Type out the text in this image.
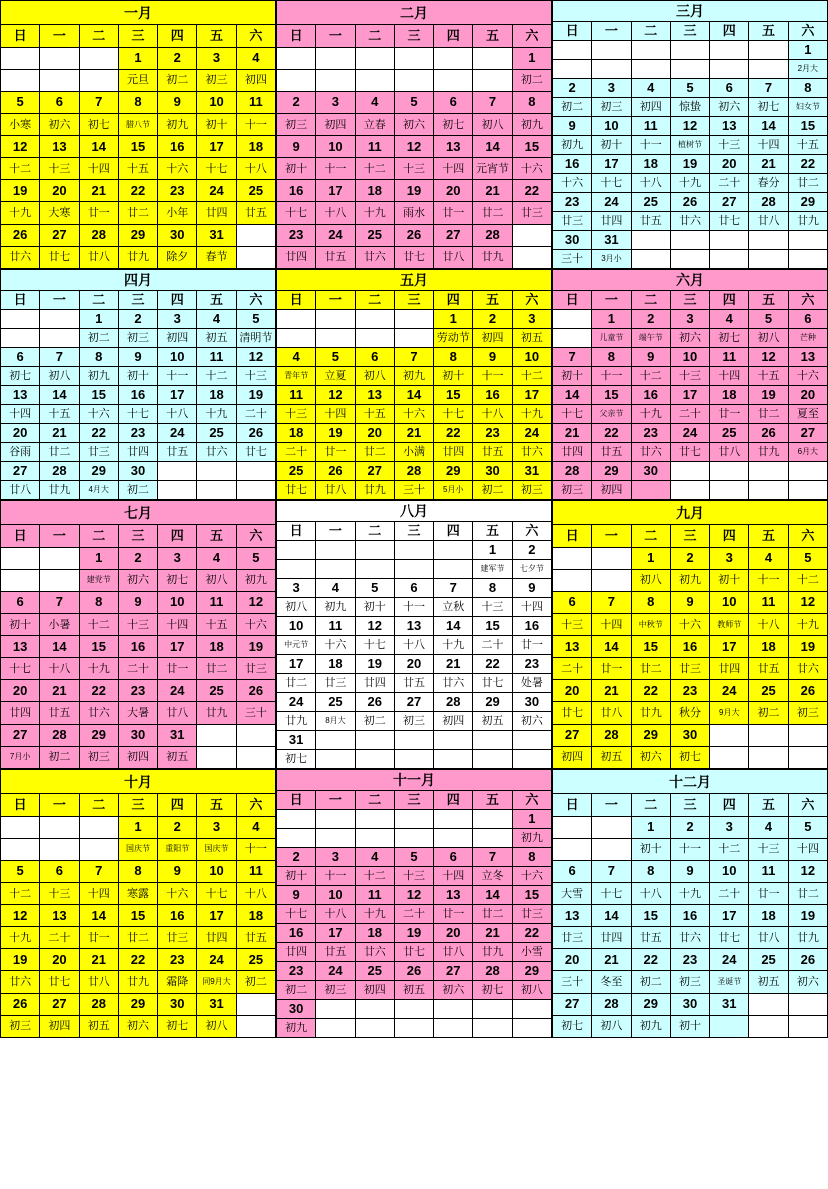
一月						
日	一	二	三	四	五	六
			1	2	3	4
			元旦	初二	初三	初四
5	6	7	8	9	10	11
小寒	初六	初七	腊八节	初九	初十	十一
12	13	14	15	16	17	18
十二	十三	十四	十五	十六	十七	十八
19	20	21	22	23	24	25
十九	大寒	廿一	廿二	小年	廿四	廿五
26	27	28	29	30	31	
廿六	廿七	廿八	廿九	除夕	春节	
二月						
日	一	二	三	四	五	六
						1
						初二
2	3	4	5	6	7	8
初三	初四	立春	初六	初七	初八	初九
9	10	11	12	13	14	15
初十	十一	十二	十三	十四	元宵节	十六
16	17	18	19	20	21	22
十七	十八	十九	雨水	廿一	廿二	廿三
23	24	25	26	27	28	
廿四	廿五	廿六	廿七	廿八	廿九	
三月						
日	一	二	三	四	五	六
						1
						2月大
2	3	4	5	6	7	8
初二	初三	初四	惊蛰	初六	初七	妇女节
9	10	11	12	13	14	15
初九	初十	十一	植树节	十三	十四	十五
16	17	18	19	20	21	22
十六	十七	十八	十九	二十	春分	廿二
23	24	25	26	27	28	29
廿三	廿四	廿五	廿六	廿七	廿八	廿九
30	31					
三十	3月小					
四月						
日	一	二	三	四	五	六
		1	2	3	4	5
		初二	初三	初四	初五	清明节
6	7	8	9	10	11	12
初七	初八	初九	初十	十一	十二	十三
13	14	15	16	17	18	19
十四	十五	十六	十七	十八	十九	二十
20	21	22	23	24	25	26
谷雨	廿二	廿三	廿四	廿五	廿六	廿七
27	28	29	30			
廿八	廿九	4月大	初二			
五月						
日	一	二	三	四	五	六
				1	2	3
				劳动节	初四	初五
4	5	6	7	8	9	10
青年节	立夏	初八	初九	初十	十一	十二
11	12	13	14	15	16	17
十三	十四	十五	十六	十七	十八	十九
18	19	20	21	22	23	24
二十	廿一	廿二	小满	廿四	廿五	廿六
25	26	27	28	29	30	31
廿七	廿八	廿九	三十	5月小	初二	初三
六月						
日	一	二	三	四	五	六
	1	2	3	4	5	6
	儿童节	端午节	初六	初七	初八	芒种
7	8	9	10	11	12	13
初十	十一	十二	十三	十四	十五	十六
14	15	16	17	18	19	20
十七	父亲节	十九	二十	廿一	廿二	夏至
21	22	23	24	25	26	27
廿四	廿五	廿六	廿七	廿八	廿九	6月大
28	29	30				
初三	初四					
七月						
日	一	二	三	四	五	六
		1	2	3	4	5
		建党节	初六	初七	初八	初九
6	7	8	9	10	11	12
初十	小暑	十二	十三	十四	十五	十六
13	14	15	16	17	18	19
十七	十八	十九	二十	廿一	廿二	廿三
20	21	22	23	24	25	26
廿四	廿五	廿六	大暑	廿八	廿九	三十
27	28	29	30	31		
7月小	初二	初三	初四	初五		
八月						
日	一	二	三	四	五	六
					1	2
					建军节	七夕节
3	4	5	6	7	8	9
初八	初九	初十	十一	立秋	十三	十四
10	11	12	13	14	15	16
中元节	十六	十七	十八	十九	二十	廿一
17	18	19	20	21	22	23
廿二	廿三	廿四	廿五	廿六	廿七	处暑
24	25	26	27	28	29	30
廿九	8月大	初二	初三	初四	初五	初六
31						
初七						
九月						
日	一	二	三	四	五	六
		1	2	3	4	5
		初八	初九	初十	十一	十二
6	7	8	9	10	11	12
十三	十四	中秋节	十六	教师节	十八	十九
13	14	15	16	17	18	19
二十	廿一	廿二	廿三	廿四	廿五	廿六
20	21	22	23	24	25	26
廿七	廿八	廿九	秋分	9月大	初二	初三
27	28	29	30			
初四	初五	初六	初七			
十月						
日	一	二	三	四	五	六
			1	2	3	4
			国庆节	重阳节	国庆节	十一
5	6	7	8	9	10	11
十二	十三	十四	寒露	十六	十七	十八
12	13	14	15	16	17	18
十九	二十	廿一	廿二	廿三	廿四	廿五
19	20	21	22	23	24	25
廿六	廿七	廿八	廿九	霜降	同9月大	初二
26	27	28	29	30	31	
初三	初四	初五	初六	初七	初八	
十一月						
日	一	二	三	四	五	六
						1
						初九
2	3	4	5	6	7	8
初十	十一	十二	十三	十四	立冬	十六
9	10	11	12	13	14	15
十七	十八	十九	二十	廿一	廿二	廿三
16	17	18	19	20	21	22
廿四	廿五	廿六	廿七	廿八	廿九	小雪
23	24	25	26	27	28	29
初二	初三	初四	初五	初六	初七	初八
30						
初九						
十二月						
日	一	二	三	四	五	六
		1	2	3	4	5
		初十	十一	十二	十三	十四
6	7	8	9	10	11	12
大雪	十七	十八	十九	二十	廿一	廿二
13	14	15	16	17	18	19
廿三	廿四	廿五	廿六	廿七	廿八	廿九
20	21	22	23	24	25	26
三十	冬至	初二	初三	圣诞节	初五	初六
27	28	29	30	31		
初七	初八	初九	初十			
